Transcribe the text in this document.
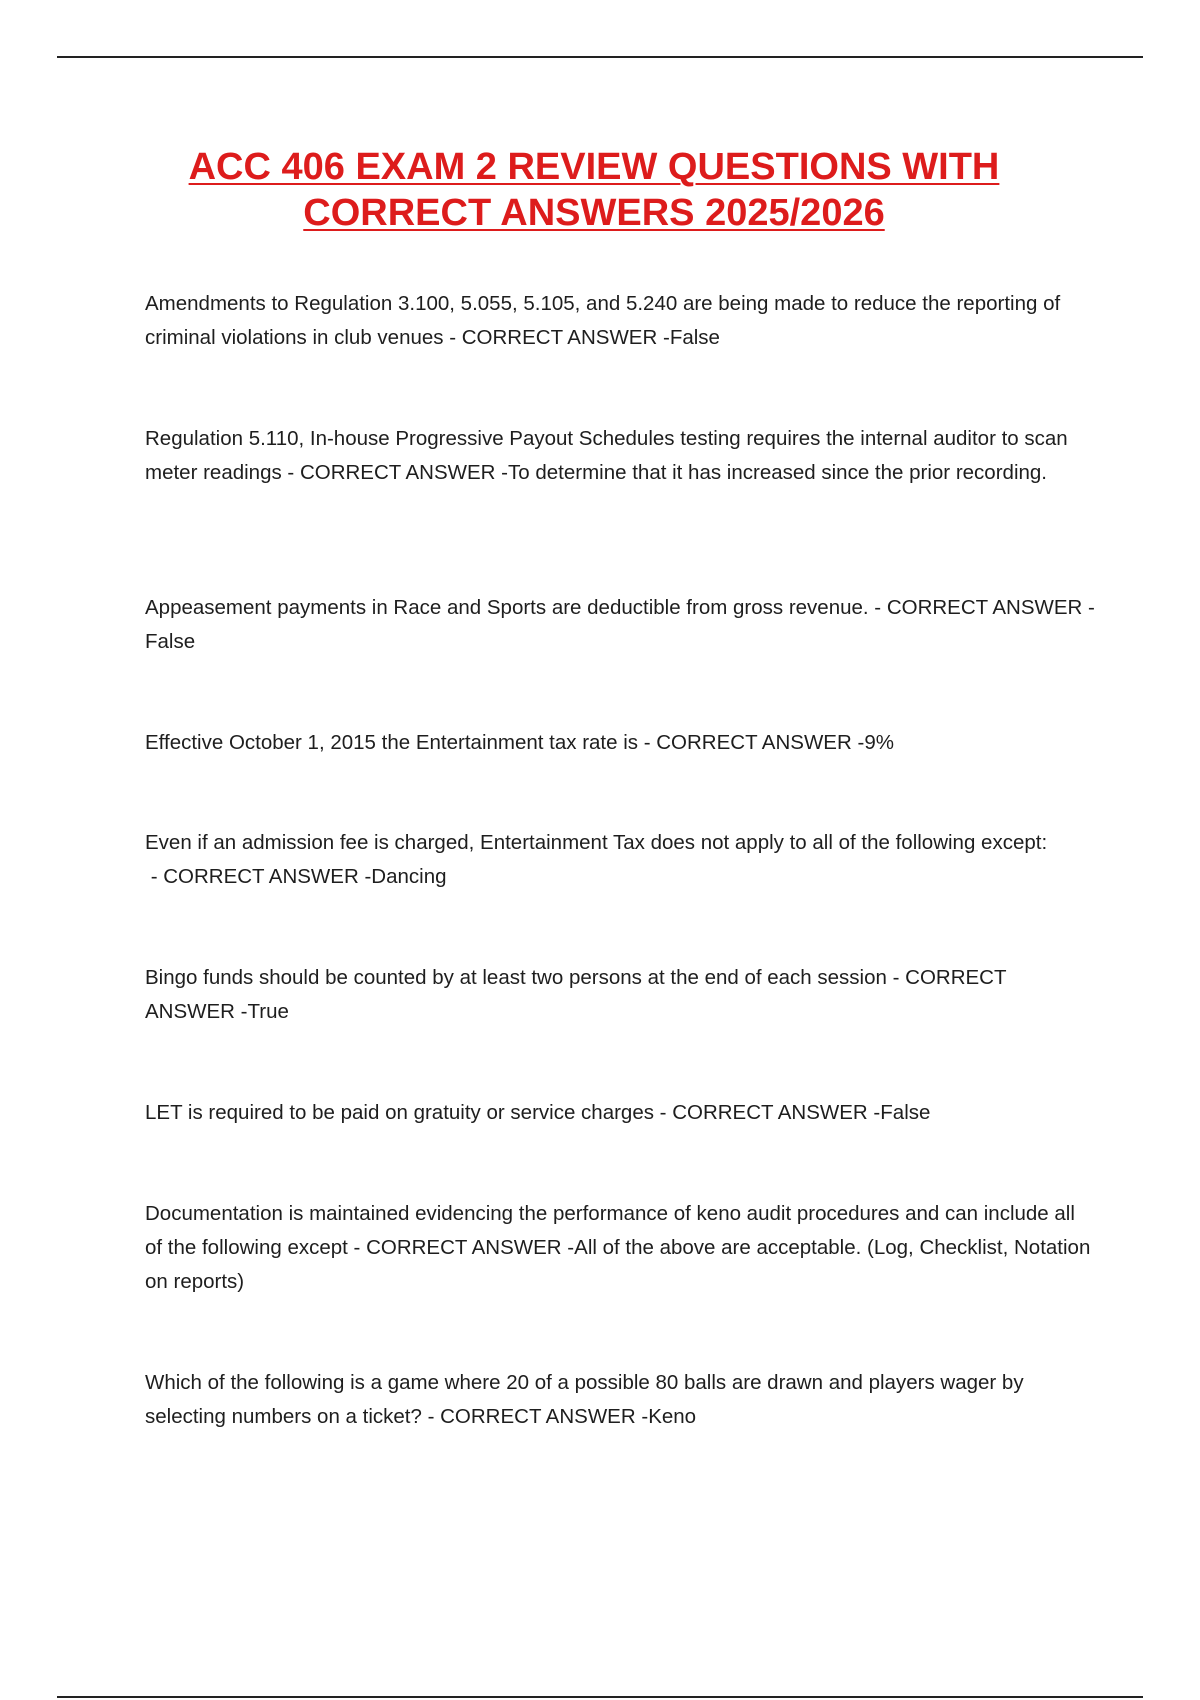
ACC 406 EXAM 2 REVIEW QUESTIONS WITH
CORRECT ANSWERS 2025/2026

Amendments to Regulation 3.100, 5.055, 5.105, and 5.240 are being made to reduce the reporting of criminal violations in club venues - CORRECT ANSWER -False

Regulation 5.110, In-house Progressive Payout Schedules testing requires the internal auditor to scan meter readings - CORRECT ANSWER -To determine that it has increased since the prior recording.

Appeasement payments in Race and Sports are deductible from gross revenue. - CORRECT ANSWER -False

Effective October 1, 2015 the Entertainment tax rate is - CORRECT ANSWER -9%

Even if an admission fee is charged, Entertainment Tax does not apply to all of the following except: - CORRECT ANSWER -Dancing

Bingo funds should be counted by at least two persons at the end of each session - CORRECT ANSWER -True

LET is required to be paid on gratuity or service charges - CORRECT ANSWER -False

Documentation is maintained evidencing the performance of keno audit procedures and can include all of the following except - CORRECT ANSWER -All of the above are acceptable. (Log, Checklist, Notation on reports)

Which of the following is a game where 20 of a possible 80 balls are drawn and players wager by selecting numbers on a ticket? - CORRECT ANSWER -Keno
